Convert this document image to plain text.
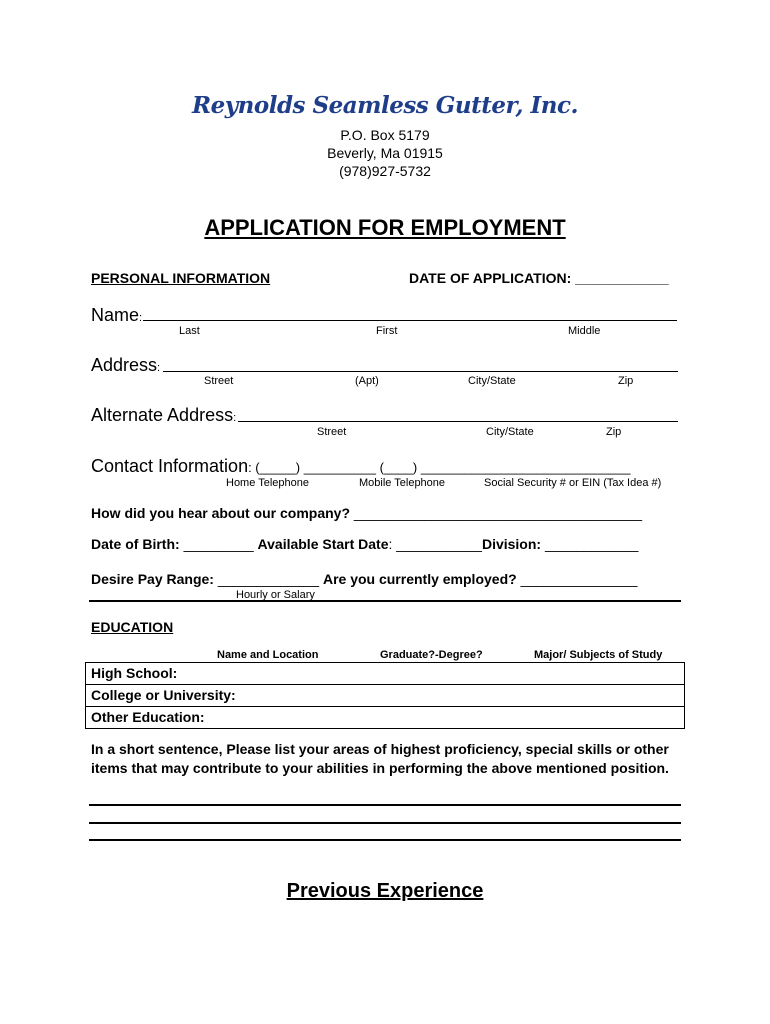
Reynolds Seamless Gutter, Inc.
P.O. Box 5179
Beverly, Ma 01915
(978)927-5732
APPLICATION FOR EMPLOYMENT
PERSONAL INFORMATION	DATE OF APPLICATION: ____________
Name:
Last	First	Middle
Address:
Street	(Apt)	City/State	Zip
Alternate Address:
Street	City/State	Zip
Contact Information: (_____) __________ (____) _____________________________
Home Telephone	Mobile Telephone	Social Security # or EIN (Tax Idea #)
How did you hear about our company? _____________________________________
Date of Birth: _________ Available Start Date: ___________Division: ____________
Desire Pay Range: _____________ Are you currently employed? _______________
Hourly or Salary
EDUCATION
Name and Location	Graduate?-Degree?	Major/ Subjects of Study
High School:
College or University:
Other Education:
In a short sentence, Please list your areas of highest proficiency, special skills or other items that may contribute to your abilities in performing the above mentioned position.
Previous Experience
